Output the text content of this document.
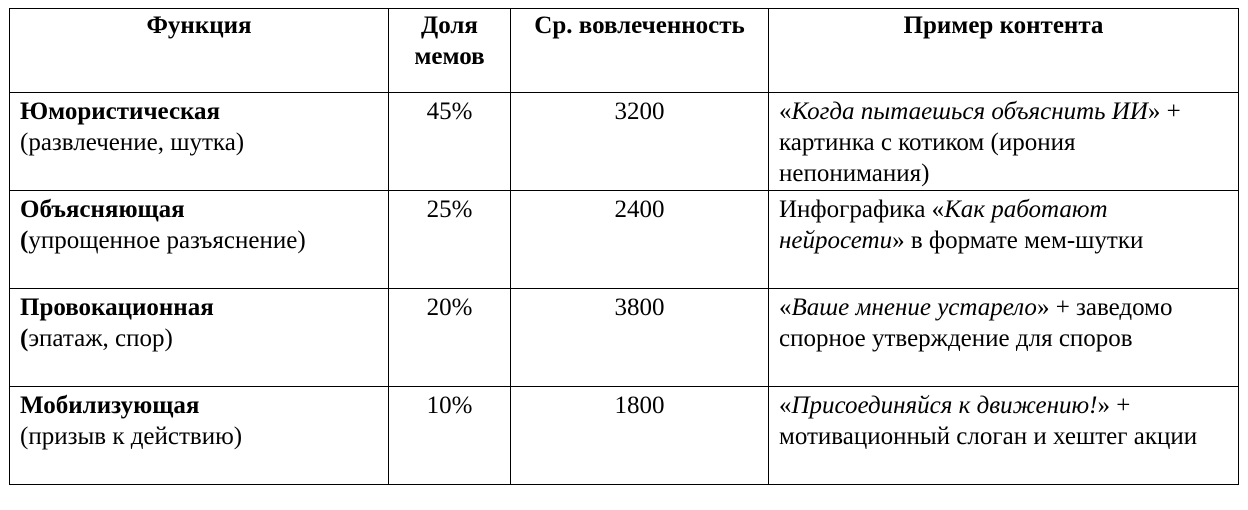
Функция	Доля мемов	Ср. вовлеченность	Пример контента

Юмористическая
(развлечение, шутка)	45%	3200	«Когда пытаешься объяснить ИИ» + картинка с котиком (ирония непонимания)

Объясняющая
(упрощенное разъяснение)	25%	2400	Инфографика «Как работают нейросети» в формате мем-шутки

Провокационная
(эпатаж, спор)	20%	3800	«Ваше мнение устарело» + заведомо спорное утверждение для споров

Мобилизующая
(призыв к действию)	10%	1800	«Присоединяйся к движению!» + мотивационный слоган и хештег акции
